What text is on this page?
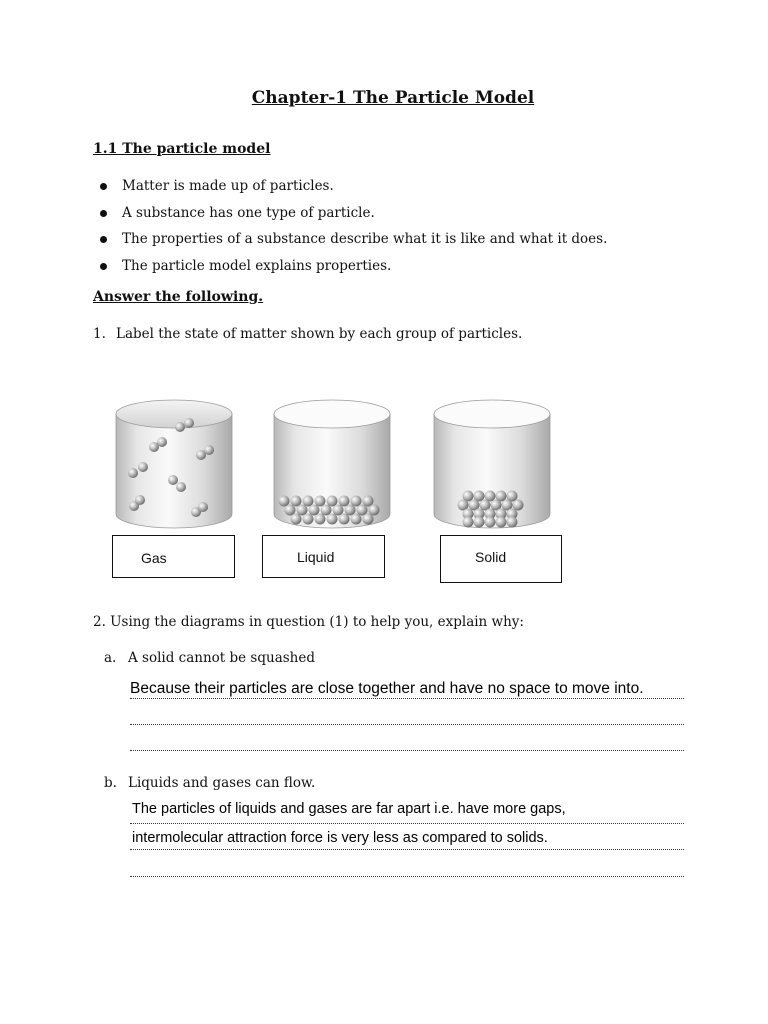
Chapter-1 The Particle Model
1.1 The particle model
Matter is made up of particles.
A substance has one type of particle.
The properties of a substance describe what it is like and what it does.
The particle model explains properties.
Answer the following.
1. Label the state of matter shown by each group of particles.
Gas	Liquid	Solid
2. Using the diagrams in question (1) to help you, explain why:
a. A solid cannot be squashed
Because their particles are close together and have no space to move into.
b. Liquids and gases can flow.
The particles of liquids and gases are far apart i.e. have more gaps,
intermolecular attraction force is very less as compared to solids.
